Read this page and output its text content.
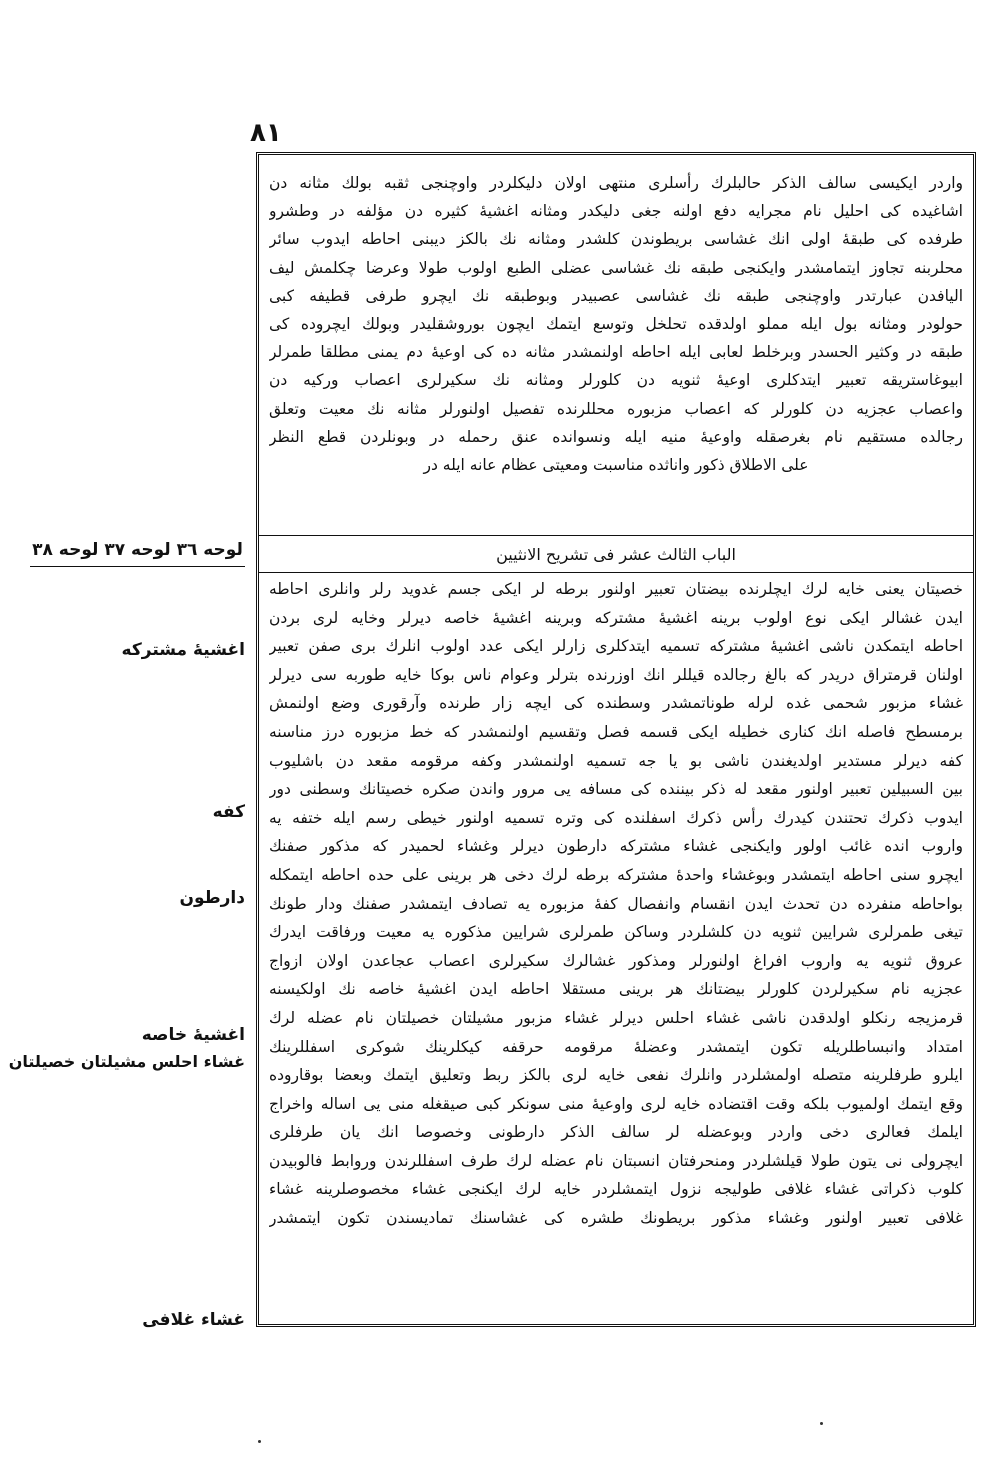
٨١
واردر ایکیسی سالف الذکر حالبلرك رأسلری منتهی اولان دلیکلردر واوچنجی ثقبه بولك مثانه دن
اشاغیده کی احلیل نام مجرایه دفع اولنه جغی دلیکدر ومثانه اغشیهٔ کثیره دن مؤلفه در وطشرو
طرفده کی طبقهٔ اولی انك غشاسی بریطوندن کلشدر ومثانه نك بالکز دیبنی احاطه ایدوب سائر
محلربنه تجاوز ایتمامشدر وایکنجی طبقه نك غشاسی عضلی الطبع اولوب طولا وعرضا چکلمش لیف
الیافدن عبارتدر واوچنجی طبقه نك غشاسی عصبیدر وبوطبقه نك ایچرو طرفی قطیفه کبی
حولودر ومثانه بول ایله مملو اولدقده تحلخل وتوسع ایتمك ایچون بوروشقلیدر وبولك ایچروده کی
طبقه در وکثیر الحسدر وبرخلط لعابی ایله احاطه اولنمشدر مثانه ده کی اوعیهٔ دم یمنی مطلقا طمرلر
ابیوغاستریقه تعبیر ایتدکلری اوعیهٔ ثنویه دن کلورلر ومثانه نك سکیرلری اعصاب ورکیه دن
واعصاب عجزیه دن کلورلر که اعصاب مزبوره محللرنده تفصیل اولنورلر مثانه نك معیت وتعلق
رجالده مستقیم نام بغرصقله واوعیهٔ منیه ایله ونسوانده عنق رحمله در وبونلردن قطع النظر
علی الاطلاق ذکور واناثده مناسبت ومعیتی عظام عانه ایله در
الباب الثالث عشر فی تشریح الانثیین
خصیتان یعنی خایه لرك ایچلرنده بیضتان تعبیر اولنور برطه لر ایکی جسم غدوید رلر وانلری احاطه
ایدن غشالر ایکی نوع اولوب برینه اغشیهٔ مشترکه وبرینه اغشیهٔ خاصه دیرلر وخایه لری بردن
احاطه ایتمکدن ناشی اغشیهٔ مشترکه تسمیه ایتدکلری زارلر ایکی عدد اولوب انلرك بری صفن تعبیر
اولنان قرمتراق دریدر که بالغ رجالده قیللر انك اوزرنده بترلر وعوام ناس بوکا خایه طوربه سی دیرلر
غشاء مزبور شحمی غده لرله طوناتمشدر وسطنده کی ایچه زار طرنده وآرقوری وضع اولنمش
برمسطح فاصله انك کناری خطیله ایکی قسمه فصل وتقسیم اولنمشدر که خط مزبوره درز مناسنه
کفه دیرلر مستدیر اولدیغندن ناشی بو یا جه تسمیه اولنمشدر وکفه مرقومه مقعد دن باشلیوب
بین السبیلین تعبیر اولنور مقعد له ذکر بیننده کی مسافه یی مرور واندن صکره خصیتانك وسطنی دور
ایدوب ذکرك تحتندن کیدرك رأس ذکرك اسفلنده کی وتره تسمیه اولنور خیطی رسم ایله ختفه یه
واروب انده غائب اولور وایکنجی غشاء مشترکه دارطون دیرلر وغشاء لحمیدر که مذکور صفنك
ایچرو سنی احاطه ایتمشدر وبوغشاء واحدهٔ مشترکه برطه لرك دخی هر برینی علی حده احاطه ایتمکله
بواحاطه منفرده دن تحدث ایدن انقسام وانفصال کفهٔ مزبوره یه تصادف ایتمشدر صفنك ودار طونك
تیغی طمرلری شرایین ثنویه دن کلشلردر وساکن طمرلری شرایین مذکوره یه معیت ورفاقت ایدرك
عروق ثنویه یه واروب افراغ اولنورلر ومذکور غشالرك سکیرلری اعصاب عجاعدن اولان ازواج
عجزیه نام سکیرلردن کلورلر بیضتانك هر برینی مستقلا احاطه ایدن اغشیهٔ خاصه نك اولکیسنه
قرمزیجه رنکلو اولدقدن ناشی غشاء احلس دیرلر غشاء مزبور مشیلتان خصیلتان نام عضله لرك
امتداد وانبساطلریله تکون ایتمشدر وعضلهٔ مرقومه حرقفه کیکلرینك شوکری اسفللرینك
ایلرو طرفلرینه متصله اولمشلردر وانلرك نفعی خایه لری بالکز ربط وتعلیق ایتمك وبعضا بوقاروده
وقع ایتمك اولمیوب بلکه وقت اقتضاده خایه لری واوعیهٔ منی سونکر کبی صیقغله منی یی اساله واخراج
ایلمك فعالری دخی واردر وبوعضله لر سالف الذکر دارطونی وخصوصا انك یان طرفلری
ایچرولی نی یتون طولا قیلشلردر ومنحرفتان انسبتان نام عضله لرك طرف اسفللرندن وروابط فالوبیدن
کلوب ذکراتی غشاء غلافی طولیجه نزول ایتمشلردر خایه لرك ایکنجی غشاء مخصوصلرینه غشاء
غلافی تعبیر اولنور وغشاء مذکور بریطونك طشره کی غشاسنك تمادیسندن تکون ایتمشدر
لوحه ۳٦ لوحه ۳۷ لوحه ۳۸
اغشیهٔ مشترکه
کفه
دارطون
اغشیهٔ خاصه
غشاء احلس مشیلتان خصیلتان
غشاء غلافی
